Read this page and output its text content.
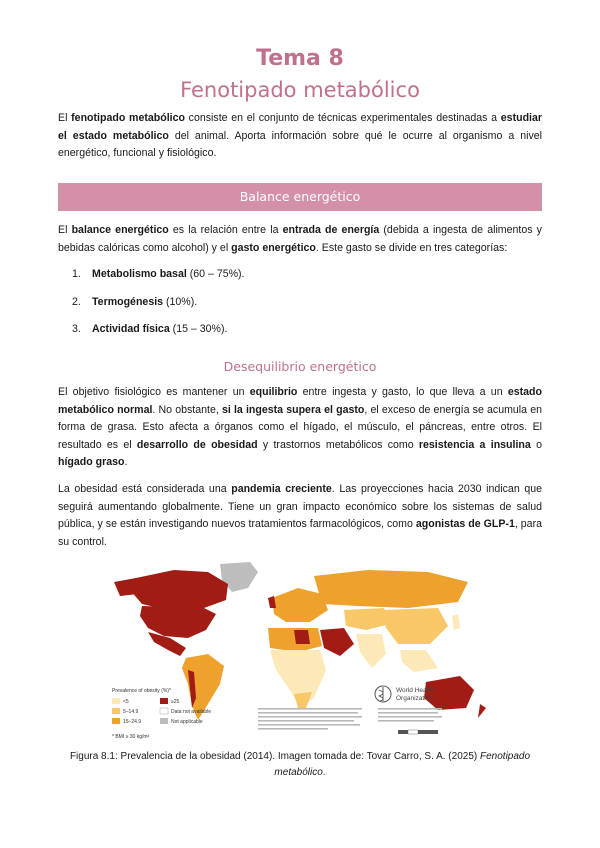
Tema 8
Fenotipado metabólico

El fenotipado metabólico consiste en el conjunto de técnicas experimentales destinadas a estudiar el estado metabólico del animal. Aporta información sobre qué le ocurre al organismo a nivel energético, funcional y fisiológico.

Balance energético

El balance energético es la relación entre la entrada de energía (debida a ingesta de alimentos y bebidas calóricas como alcohol) y el gasto energético. Este gasto se divide en tres categorías:

1. Metabolismo basal (60 – 75%).
2. Termogénesis (10%).
3. Actividad física (15 – 30%).
Desequilibrio energético

El objetivo fisiológico es mantener un equilibrio entre ingesta y gasto, lo que lleva a un estado metabólico normal. No obstante, si la ingesta supera el gasto, el exceso de energía se acumula en forma de grasa. Esto afecta a órganos como el hígado, el músculo, el páncreas, entre otros. El resultado es el desarrollo de obesidad y trastornos metabólicos como resistencia a insulina o hígado graso.

La obesidad está considerada una pandemia creciente. Las proyecciones hacia 2030 indican que seguirá aumentando globalmente. Tiene un gran impacto económico sobre los sistemas de salud pública, y se están investigando nuevos tratamientos farmacológicos, como agonistas de GLP-1, para su control.

Prevalence of obesity (%)*
<5	≥25
5–14.9	Data not available
15–24.9	Not applicable
* BMI ≥ 30 kg/m²
World Health
Organization
Figura 8.1: Prevalencia de la obesidad (2014). Imagen tomada de: Tovar Carro, S. A. (2025) Fenotipado metabólico.
